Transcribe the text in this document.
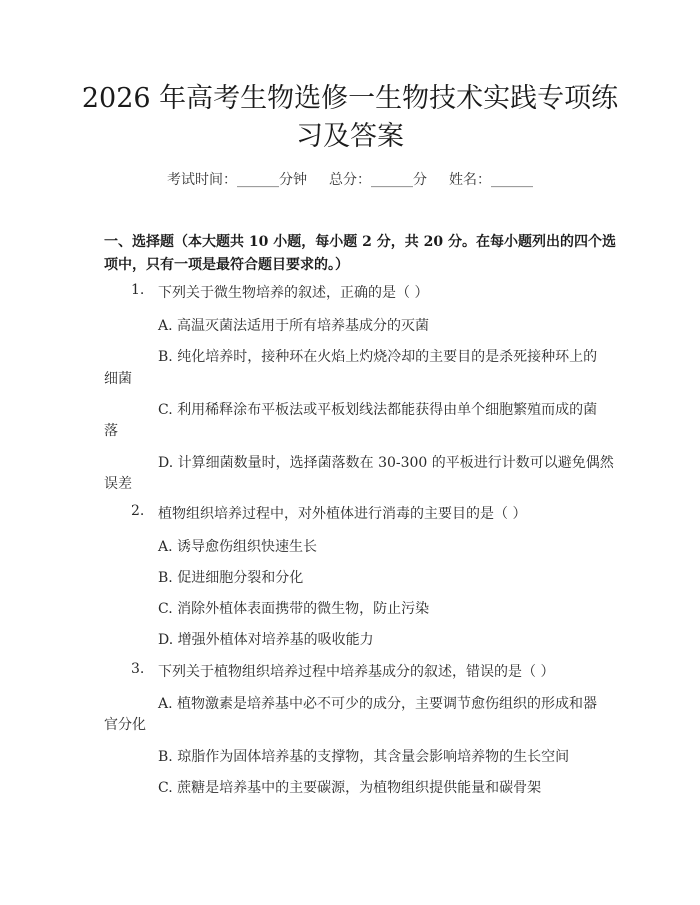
2026 年高考生物选修一生物技术实践专项练
习及答案
考试时间：______分钟 总分：______分 姓名：______
一、选择题（本大题共 10 小题，每小题 2 分，共 20 分。在每小题列出的四个选
项中，只有一项是最符合题目要求的。）
1. 下列关于微生物培养的叙述，正确的是（ ）
A. 高温灭菌法适用于所有培养基成分的灭菌
B. 纯化培养时，接种环在火焰上灼烧冷却的主要目的是杀死接种环上的
细菌
C. 利用稀释涂布平板法或平板划线法都能获得由单个细胞繁殖而成的菌
落
D. 计算细菌数量时，选择菌落数在 30-300 的平板进行计数可以避免偶然
误差
2. 植物组织培养过程中，对外植体进行消毒的主要目的是（ ）
A. 诱导愈伤组织快速生长
B. 促进细胞分裂和分化
C. 消除外植体表面携带的微生物，防止污染
D. 增强外植体对培养基的吸收能力
3. 下列关于植物组织培养过程中培养基成分的叙述，错误的是（ ）
A. 植物激素是培养基中必不可少的成分，主要调节愈伤组织的形成和器
官分化
B. 琼脂作为固体培养基的支撑物，其含量会影响培养物的生长空间
C. 蔗糖是培养基中的主要碳源，为植物组织提供能量和碳骨架
